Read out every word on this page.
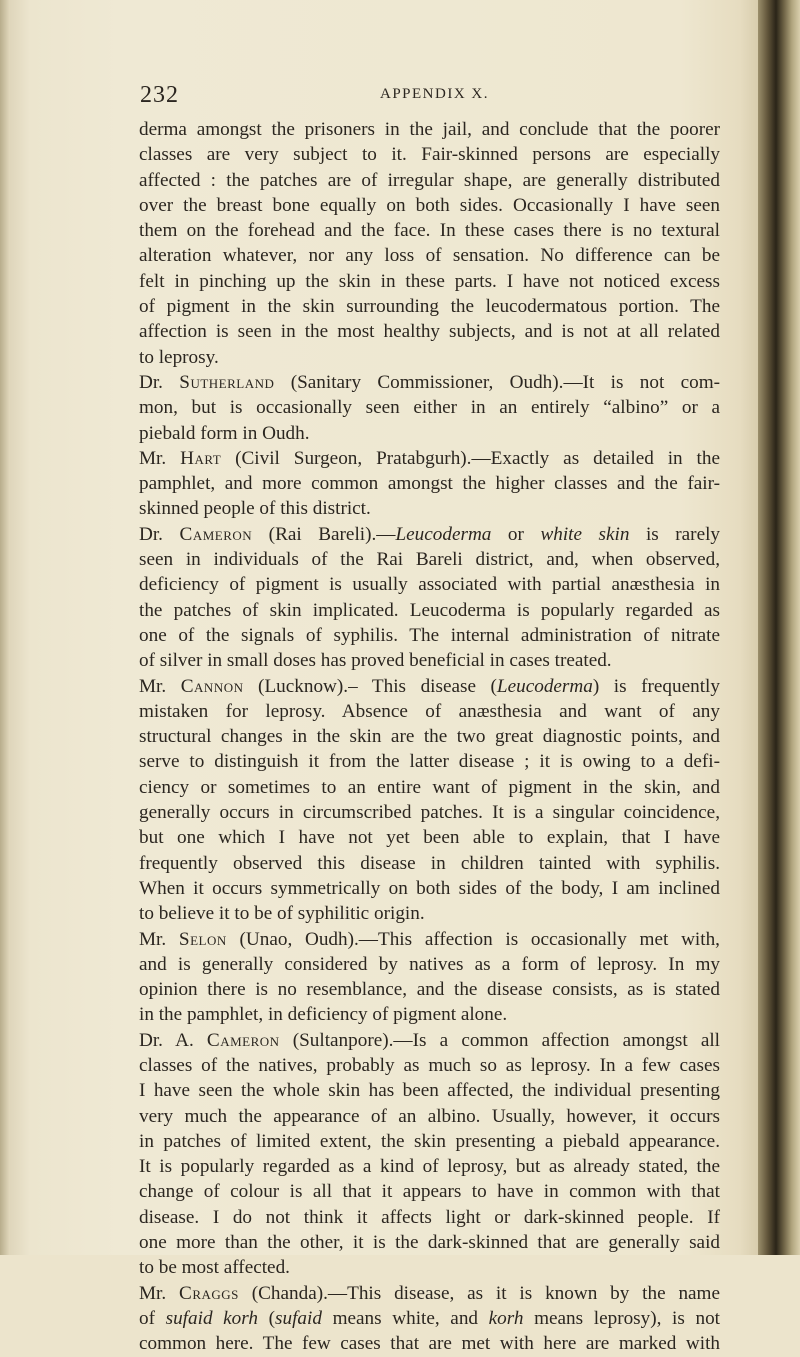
232	APPENDIX X.
derma amongst the prisoners in the jail, and conclude that the poorer
classes are very subject to it. Fair-skinned persons are especially
affected : the patches are of irregular shape, are generally distributed
over the breast bone equally on both sides. Occasionally I have seen
them on the forehead and the face. In these cases there is no textural
alteration whatever, nor any loss of sensation. No difference can be
felt in pinching up the skin in these parts. I have not noticed excess
of pigment in the skin surrounding the leucodermatous portion. The
affection is seen in the most healthy subjects, and is not at all related
to leprosy.
Dr. Sutherland (Sanitary Commissioner, Oudh).—It is not com-
mon, but is occasionally seen either in an entirely “albino” or a
piebald form in Oudh.
Mr. Hart (Civil Surgeon, Pratabgurh).—Exactly as detailed in the
pamphlet, and more common amongst the higher classes and the fair-
skinned people of this district.
Dr. Cameron (Rai Bareli).—Leucoderma or white skin is rarely
seen in individuals of the Rai Bareli district, and, when observed,
deficiency of pigment is usually associated with partial anæsthesia in
the patches of skin implicated. Leucoderma is popularly regarded as
one of the signals of syphilis. The internal administration of nitrate
of silver in small doses has proved beneficial in cases treated.
Mr. Cannon (Lucknow).– This disease (Leucoderma) is frequently
mistaken for leprosy. Absence of anæsthesia and want of any
structural changes in the skin are the two great diagnostic points, and
serve to distinguish it from the latter disease ; it is owing to a defi-
ciency or sometimes to an entire want of pigment in the skin, and
generally occurs in circumscribed patches. It is a singular coincidence,
but one which I have not yet been able to explain, that I have
frequently observed this disease in children tainted with syphilis.
When it occurs symmetrically on both sides of the body, I am inclined
to believe it to be of syphilitic origin.
Mr. Selon (Unao, Oudh).—This affection is occasionally met with,
and is generally considered by natives as a form of leprosy. In my
opinion there is no resemblance, and the disease consists, as is stated
in the pamphlet, in deficiency of pigment alone.
Dr. A. Cameron (Sultanpore).—Is a common affection amongst all
classes of the natives, probably as much so as leprosy. In a few cases
I have seen the whole skin has been affected, the individual presenting
very much the appearance of an albino. Usually, however, it occurs
in patches of limited extent, the skin presenting a piebald appearance.
It is popularly regarded as a kind of leprosy, but as already stated, the
change of colour is all that it appears to have in common with that
disease. I do not think it affects light or dark-skinned people. If
one more than the other, it is the dark-skinned that are generally said
to be most affected.
Mr. Craggs (Chanda).—This disease, as it is known by the name
of sufaid korh (sufaid means white, and korh means leprosy), is not
common here. The few cases that are met with here are marked with
